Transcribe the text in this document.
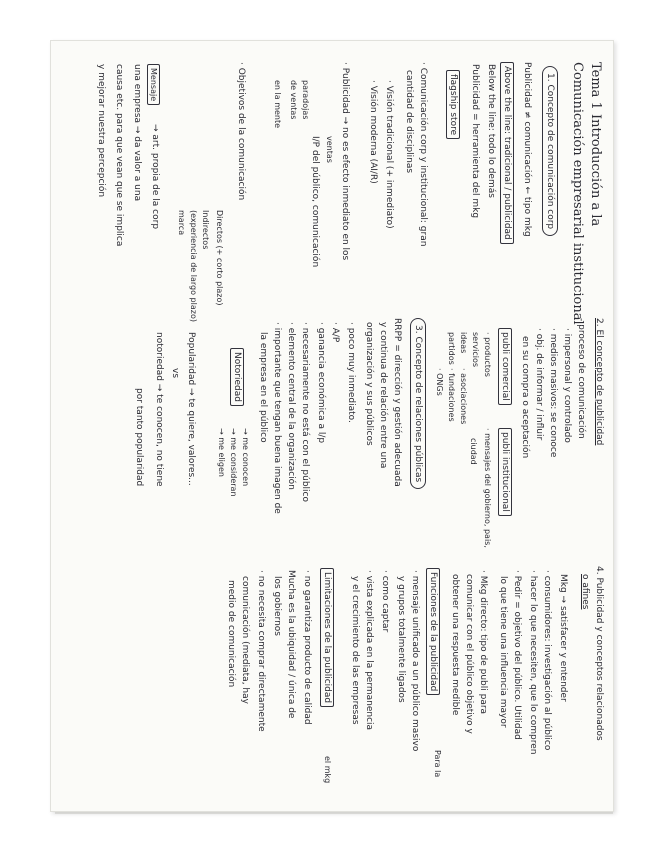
Tema 1 Introducción a la
Comunicación empresarial institucional
1. Concepto de comunicación corp
Publicidad ≠ comunicación ← tipo mkg
Above the line: tradicional / publicidad
Below the line: todo lo demás
Publicidad = herramienta del mkg
flagship store
· Comunicación corp y institucional: gran
cantidad de disciplinas
· Visión tradicional (+ inmediato)
· Visión moderna (AI/R)
· Publicidad → no es efecto inmediato en los
ventas
I/P del público, comunicación
paradojas
de ventas
en la mente
· Objetivos de la comunicación
Directos (+ corto plazo)
Indirectos
(experiencia de largo plazo)
marca
Mensaje
→ art. propia de la corp
una empresa → da valor a una
causa etc. para que vean que se implica
y mejorar nuestra percepción
2. El concepto de publicidad
- proceso de comunicación
· impersonal y controlado
· medios masivos: se conoce
· obj. de informar / influir
en su compra o aceptación
publi comercial
publi institucional
· productos
· mensajes del gobierno, pais,
servicios
· asociaciones
ideas
ciudad
partidos
· fundaciones
· ONGs
3. Concepto de relaciones públicas
RRPP = dirección y gestión adecuada
y continua de relación entre una
organización y sus públicos
· poco muy inmediato.
· A/P
· ganancia económica a l/p
· necesariamente no está con el público
· elemento central de la organización
· importante que tengan buena imagen de
la empresa en el público
Notoriedad
→ me conocen
→ me consideran
→ me eligen
Popularidad → te quiere, valores...
vs
notoriedad → te conocen, no tiene
por tanto popularidad
4. Publicidad y conceptos relacionados
o afines
Mkg → satisfacer y entender
· consumidores: investigación al público
· hacer lo que necesiten, que lo compren
· Pedir = objetivo del público. Utilidad
lo que tiene una influencia mayor
· Mkg directo: tipo de publi para
comunicar con el público objetivo y
obtener una respuesta medible
Funciones de la publicidad
Para la
· mensaje unificado a un público masivo
y grupos totalmente ligados
· como captar
· vista explicada en la permanencia
y el crecimiento de las empresas
Limitaciones de la publicidad
el mkg
· no garantiza producto de calidad
Mucha es la ubiquidad / única de
los gobiernos
· no necesita comprar directamente
comunicación (mediata, hay
medio de comunicación
